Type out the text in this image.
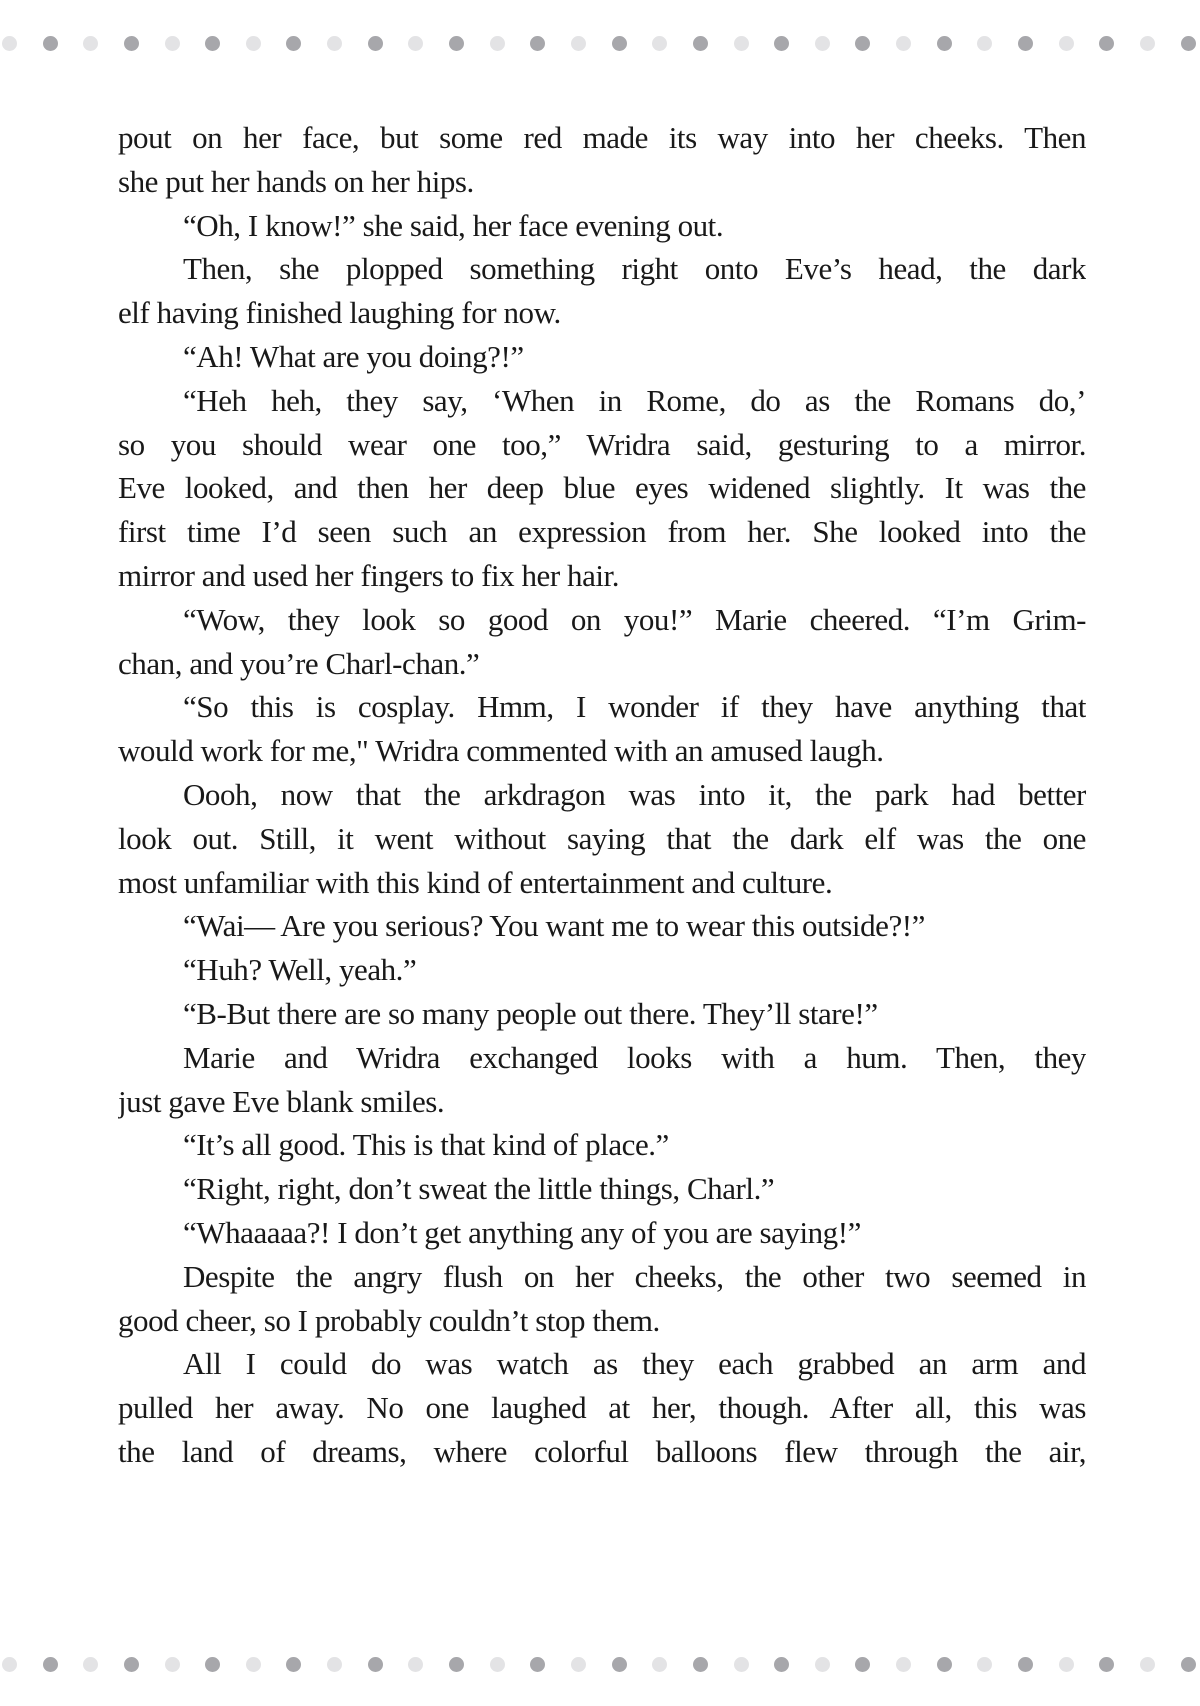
pout on her face, but some red made its way into her cheeks. Then
she put her hands on her hips.

“Oh, I know!” she said, her face evening out.

Then, she plopped something right onto Eve’s head, the dark
elf having finished laughing for now.

“Ah! What are you doing?!”

“Heh heh, they say, ‘When in Rome, do as the Romans do,’
so you should wear one too,” Wridra said, gesturing to a mirror.
Eve looked, and then her deep blue eyes widened slightly. It was the
first time I’d seen such an expression from her. She looked into the
mirror and used her fingers to fix her hair.

“Wow, they look so good on you!” Marie cheered. “I’m Grim-
chan, and you’re Charl-chan.”

“So this is cosplay. Hmm, I wonder if they have anything that
would work for me," Wridra commented with an amused laugh.

Oooh, now that the arkdragon was into it, the park had better
look out. Still, it went without saying that the dark elf was the one
most unfamiliar with this kind of entertainment and culture.

“Wai— Are you serious? You want me to wear this outside?!”

“Huh? Well, yeah.”

“B-But there are so many people out there. They’ll stare!”

Marie and Wridra exchanged looks with a hum. Then, they
just gave Eve blank smiles.

“It’s all good. This is that kind of place.”

“Right, right, don’t sweat the little things, Charl.”

“Whaaaaa?! I don’t get anything any of you are saying!”

Despite the angry flush on her cheeks, the other two seemed in
good cheer, so I probably couldn’t stop them.

All I could do was watch as they each grabbed an arm and
pulled her away. No one laughed at her, though. After all, this was
the land of dreams, where colorful balloons flew through the air,
